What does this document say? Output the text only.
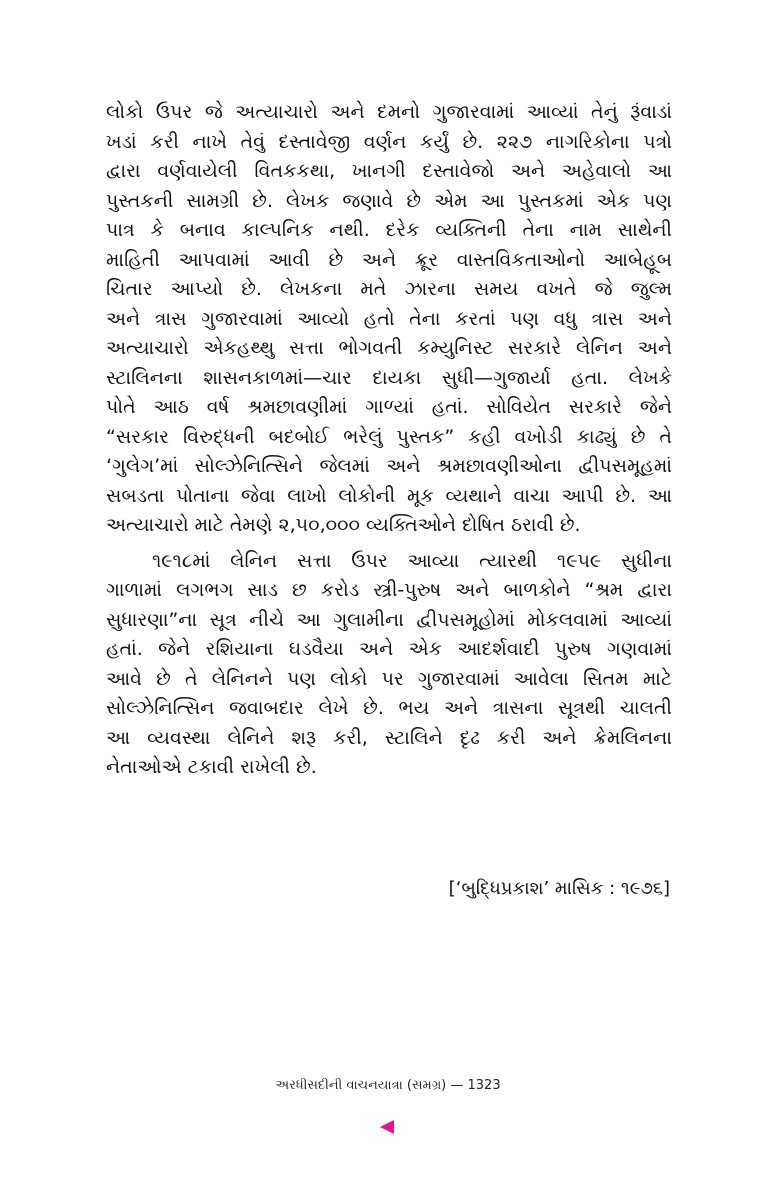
લોકો ઉપર જે અત્યાચારો અને દમનો ગુજારવામાં આવ્યાં તેનું રૂંવાડાં
ખડાં કરી નાખે તેવું દસ્તાવેજી વર્ણન કર્યું છે. ૨૨૭ નાગરિકોના પત્રો
દ્વારા વર્ણવાયેલી વિતકકથા, ખાનગી દસ્તાવેજો અને અહેવાલો આ
પુસ્તકની સામગ્રી છે. લેખક જણાવે છે એમ આ પુસ્તકમાં એક પણ
પાત્ર કે બનાવ કાલ્પનિક નથી. દરેક વ્યક્તિની તેના નામ સાથેની
માહિતી આપવામાં આવી છે અને ક્રૂર વાસ્તવિકતાઓનો આબેહૂબ
ચિતાર આપ્યો છે. લેખકના મતે ઝારના સમય વખતે જે જુલ્મ
અને ત્રાસ ગુજારવામાં આવ્યો હતો તેના કરતાં પણ વધુ ત્રાસ અને
અત્યાચારો એકહથ્થુ સત્તા ભોગવતી કમ્યુનિસ્ટ સરકારે લેનિન અને
સ્ટાલિનના શાસનકાળમાં—ચાર દાયકા સુધી—ગુજાર્યા હતા. લેખકે
પોતે આઠ વર્ષ શ્રમછાવણીમાં ગાળ્યાં હતાં. સોવિયેત સરકારે જેને
“સરકાર વિરુદ્ધની બદબોઈ ભરેલું પુસ્તક” કહી વખોડી કાઢ્યું છે તે
‘ગુલેગ’માં સોલ્ઝેનિત્સિને જેલમાં અને શ્રમછાવણીઓના દ્વીપસમૂહમાં
સબડતા પોતાના જેવા લાખો લોકોની મૂક વ્યથાને વાચા આપી છે. આ
અત્યાચારો માટે તેમણે ૨,૫૦,૦૦૦ વ્યક્તિઓને દોષિત ઠરાવી છે.
૧૯૧૮માં લેનિન સત્તા ઉપર આવ્યા ત્યારથી ૧૯૫૯ સુધીના
ગાળામાં લગભગ સાડ છ કરોડ સ્ત્રી-પુરુષ અને બાળકોને “શ્રમ દ્વારા
સુધારણા”ના સૂત્ર નીચે આ ગુલામીના દ્વીપસમૂહોમાં મોકલવામાં આવ્યાં
હતાં. જેને રશિયાના ઘડવૈયા અને એક આદર્શવાદી પુરુષ ગણવામાં
આવે છે તે લેનિનને પણ લોકો પર ગુજારવામાં આવેલા સિતમ માટે
સોલ્ઝેનિત્સિન જવાબદાર લેખે છે. ભય અને ત્રાસના સૂત્રથી ચાલતી
આ વ્યવસ્થા લેનિને શરૂ કરી, સ્ટાલિને દૃઢ કરી અને ક્રેમલિનના
નેતાઓએ ટકાવી રાખેલી છે.
[‘બુદ્ધિપ્રકાશ’ માસિક : ૧૯૭૬]
અરધીસદીની વાચનયાત્રા (સમગ્ર) — 1323
